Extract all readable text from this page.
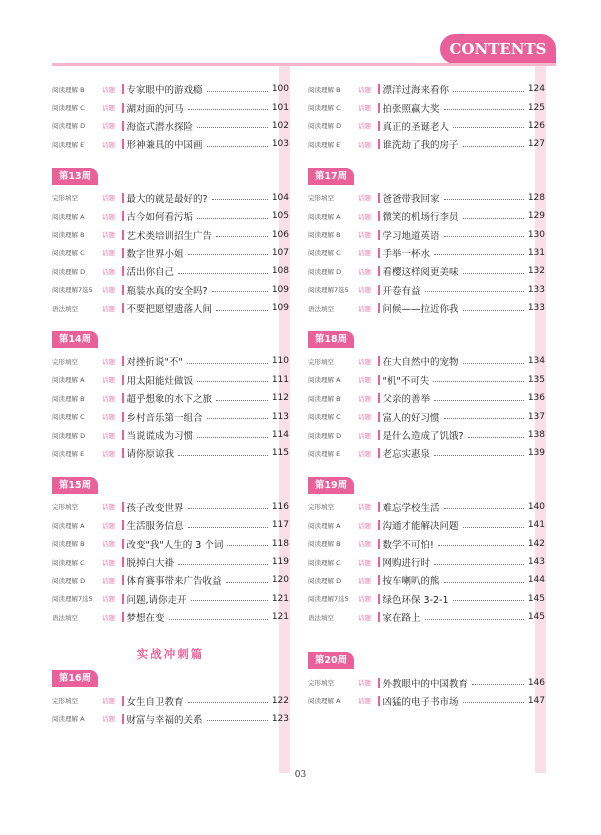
CONTENTS
阅读理解 B	话题	专家眼中的游戏瘾	100
阅读理解 C	话题	湖对面的河马	101
阅读理解 D	话题	海盗式潜水探险	102
阅读理解 E	话题	形神兼具的中国画	103
第13周
完形填空	话题	最大的就是最好的?	104
阅读理解 A	话题	古今如何看污垢	105
阅读理解 B	话题	艺术类培训招生广告	106
阅读理解 C	话题	数字世界小姐	107
阅读理解 D	话题	活出你自己	108
阅读理解7选5	话题	瓶装水真的安全吗?	109
语法填空	话题	不要把愿望遗落人间	109
第14周
完形填空	话题	对挫折说"不"	110
阅读理解 A	话题	用太阳能灶做饭	111
阅读理解 B	话题	超乎想象的水下之旅	112
阅读理解 C	话题	乡村音乐第一组合	113
阅读理解 D	话题	当说谎成为习惯	114
阅读理解 E	话题	请你原谅我	115
第15周
完形填空	话题	孩子改变世界	116
阅读理解 A	话题	生活服务信息	117
阅读理解 B	话题	改变"我"人生的 3 个词	118
阅读理解 C	话题	脱掉白大褂	119
阅读理解 D	话题	体育赛事带来广告收益	120
阅读理解7选5	话题	问题,请你走开	121
语法填空	话题	梦想在变	121
实战冲刺篇
第16周
完形填空	话题	女生自卫教育	122
阅读理解 A	话题	财富与幸福的关系	123
阅读理解 B	话题	漂洋过海来看你	124
阅读理解 C	话题	拍张照赢大奖	125
阅读理解 D	话题	真正的圣诞老人	126
阅读理解 E	话题	谁洗劫了我的房子	127
第17周
完形填空	话题	爸爸带我回家	128
阅读理解 A	话题	微笑的机场行李员	129
阅读理解 B	话题	学习地道英语	130
阅读理解 C	话题	手举一杯水	131
阅读理解 D	话题	看樱这样阅更美味	132
阅读理解7选5	话题	开卷有益	133
语法填空	话题	问候——拉近你我	133
第18周
完形填空	话题	在大自然中的宠物	134
阅读理解 A	话题	"机"不可失	135
阅读理解 B	话题	父亲的善举	136
阅读理解 C	话题	富人的好习惯	137
阅读理解 D	话题	是什么造成了饥饿?	138
阅读理解 E	话题	老忘实惠泉	139
第19周
完形填空	话题	难忘学校生活	140
阅读理解 A	话题	沟通才能解决问题	141
阅读理解 B	话题	数学不可怕!	142
阅读理解 C	话题	网购进行时	143
阅读理解 D	话题	按车喇叭的熊	144
阅读理解7选5	话题	绿色环保 3-2-1	145
语法填空	话题	家在路上	145
第20周
完形填空	话题	外教眼中的中国教育	146
阅读理解 A	话题	凶猛的电子书市场	147
03
